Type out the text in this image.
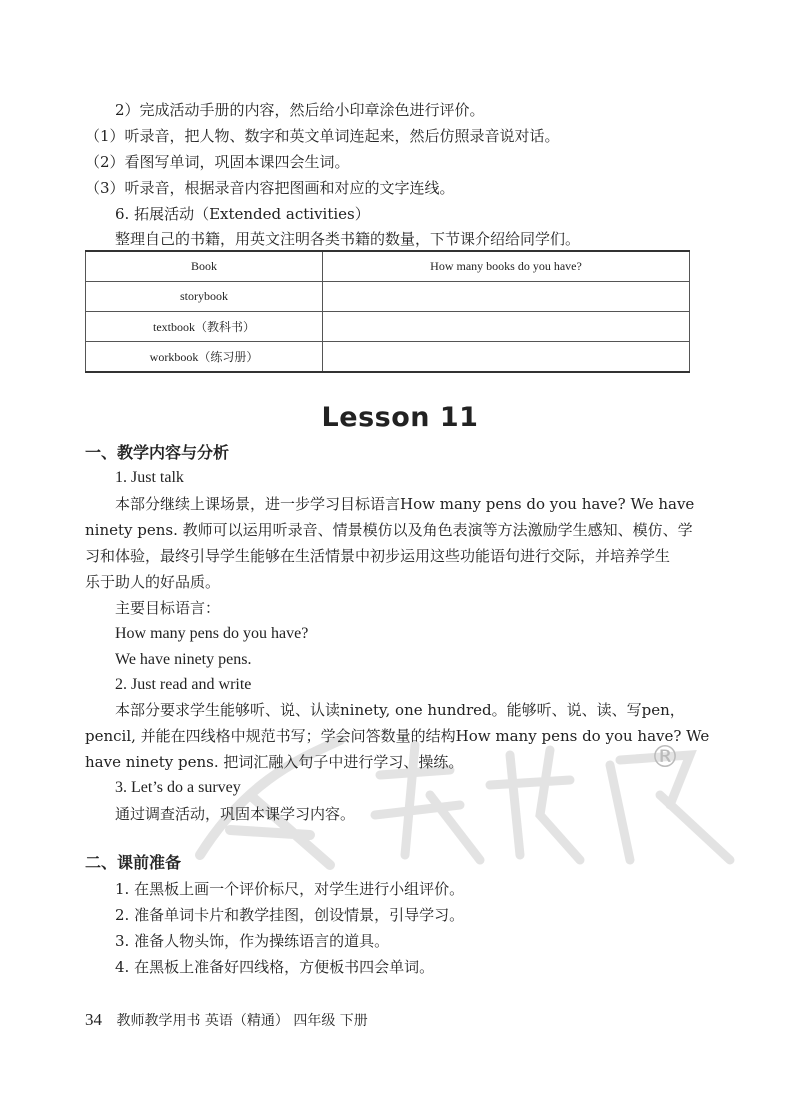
2）完成活动手册的内容，然后给小印章涂色进行评价。
（1）听录音，把人物、数字和英文单词连起来，然后仿照录音说对话。
（2）看图写单词，巩固本课四会生词。
（3）听录音，根据录音内容把图画和对应的文字连线。
6. 拓展活动（Extended activities）
整理自己的书籍，用英文注明各类书籍的数量，下节课介绍给同学们。
Book	How many books do you have?
storybook	
textbook（教科书）	
workbook（练习册）	
Lesson 11
一、教学内容与分析
1. Just talk
本部分继续上课场景，进一步学习目标语言How many pens do you have? We have
ninety pens. 教师可以运用听录音、情景模仿以及角色表演等方法激励学生感知、模仿、学
习和体验，最终引导学生能够在生活情景中初步运用这些功能语句进行交际，并培养学生
乐于助人的好品质。
主要目标语言：
How many pens do you have?
We have ninety pens.
2. Just read and write
本部分要求学生能够听、说、认读ninety, one hundred。能够听、说、读、写pen，
pencil, 并能在四线格中规范书写；学会问答数量的结构How many pens do you have? We
have ninety pens. 把词汇融入句子中进行学习、操练。
3. Let’s do a survey
通过调查活动，巩固本课学习内容。
®
二、课前准备
1. 在黑板上画一个评价标尺，对学生进行小组评价。
2. 准备单词卡片和教学挂图，创设情景，引导学习。
3. 准备人物头饰，作为操练语言的道具。
4. 在黑板上准备好四线格，方便板书四会单词。
34 教师教学用书 英语（精通） 四年级 下册
